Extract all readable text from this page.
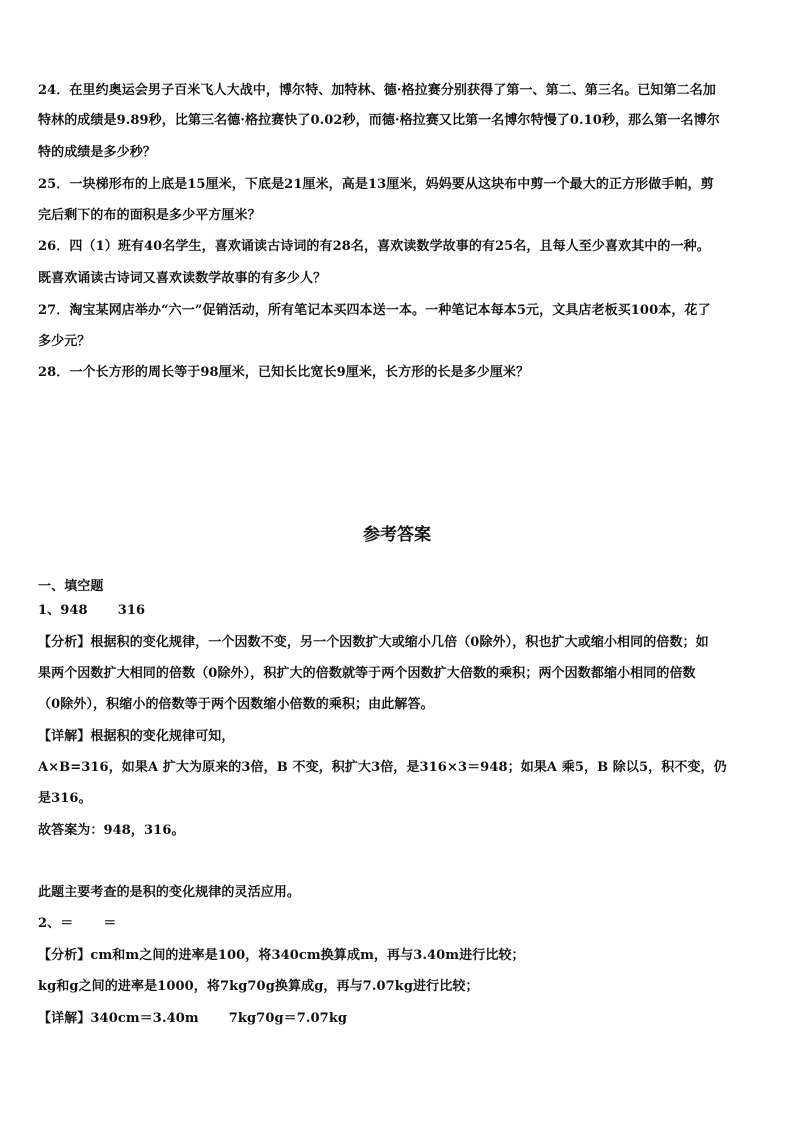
24．在里约奥运会男子百米飞人大战中，博尔特、加特林、德·格拉赛分别获得了第一、第二、第三名。已知第二名加
特林的成绩是9.89秒，比第三名德·格拉赛快了0.02秒，而德·格拉赛又比第一名博尔特慢了0.10秒，那么第一名博尔
特的成绩是多少秒？
25．一块梯形布的上底是15厘米，下底是21厘米，高是13厘米，妈妈要从这块布中剪一个最大的正方形做手帕，剪
完后剩下的布的面积是多少平方厘米？
26．四（1）班有40名学生，喜欢诵读古诗词的有28名，喜欢读数学故事的有25名，且每人至少喜欢其中的一种。
既喜欢诵读古诗词又喜欢读数学故事的有多少人？
27．淘宝某网店举办“六一”促销活动，所有笔记本买四本送一本。一种笔记本每本5元，文具店老板买100本，花了
多少元？
28．一个长方形的周长等于98厘米，已知长比宽长9厘米，长方形的长是多少厘米？
参考答案
一、填空题
1、948 316
【分析】根据积的变化规律，一个因数不变，另一个因数扩大或缩小几倍（0除外），积也扩大或缩小相同的倍数；如
果两个因数扩大相同的倍数（0除外），积扩大的倍数就等于两个因数扩大倍数的乘积；两个因数都缩小相同的倍数
（0除外），积缩小的倍数等于两个因数缩小倍数的乘积；由此解答。
【详解】根据积的变化规律可知，
A×B=316，如果A 扩大为原来的3倍，B 不变，积扩大3倍，是316×3＝948；如果A 乘5，B 除以5，积不变，仍
是316。
故答案为：948，316。
此题主要考查的是积的变化规律的灵活应用。
2、＝ ＝
【分析】cm和m之间的进率是100，将340cm换算成m，再与3.40m进行比较；
kg和g之间的进率是1000，将7kg70g换算成g，再与7.07kg进行比较；
【详解】340cm＝3.40m 7kg70g＝7.07kg
